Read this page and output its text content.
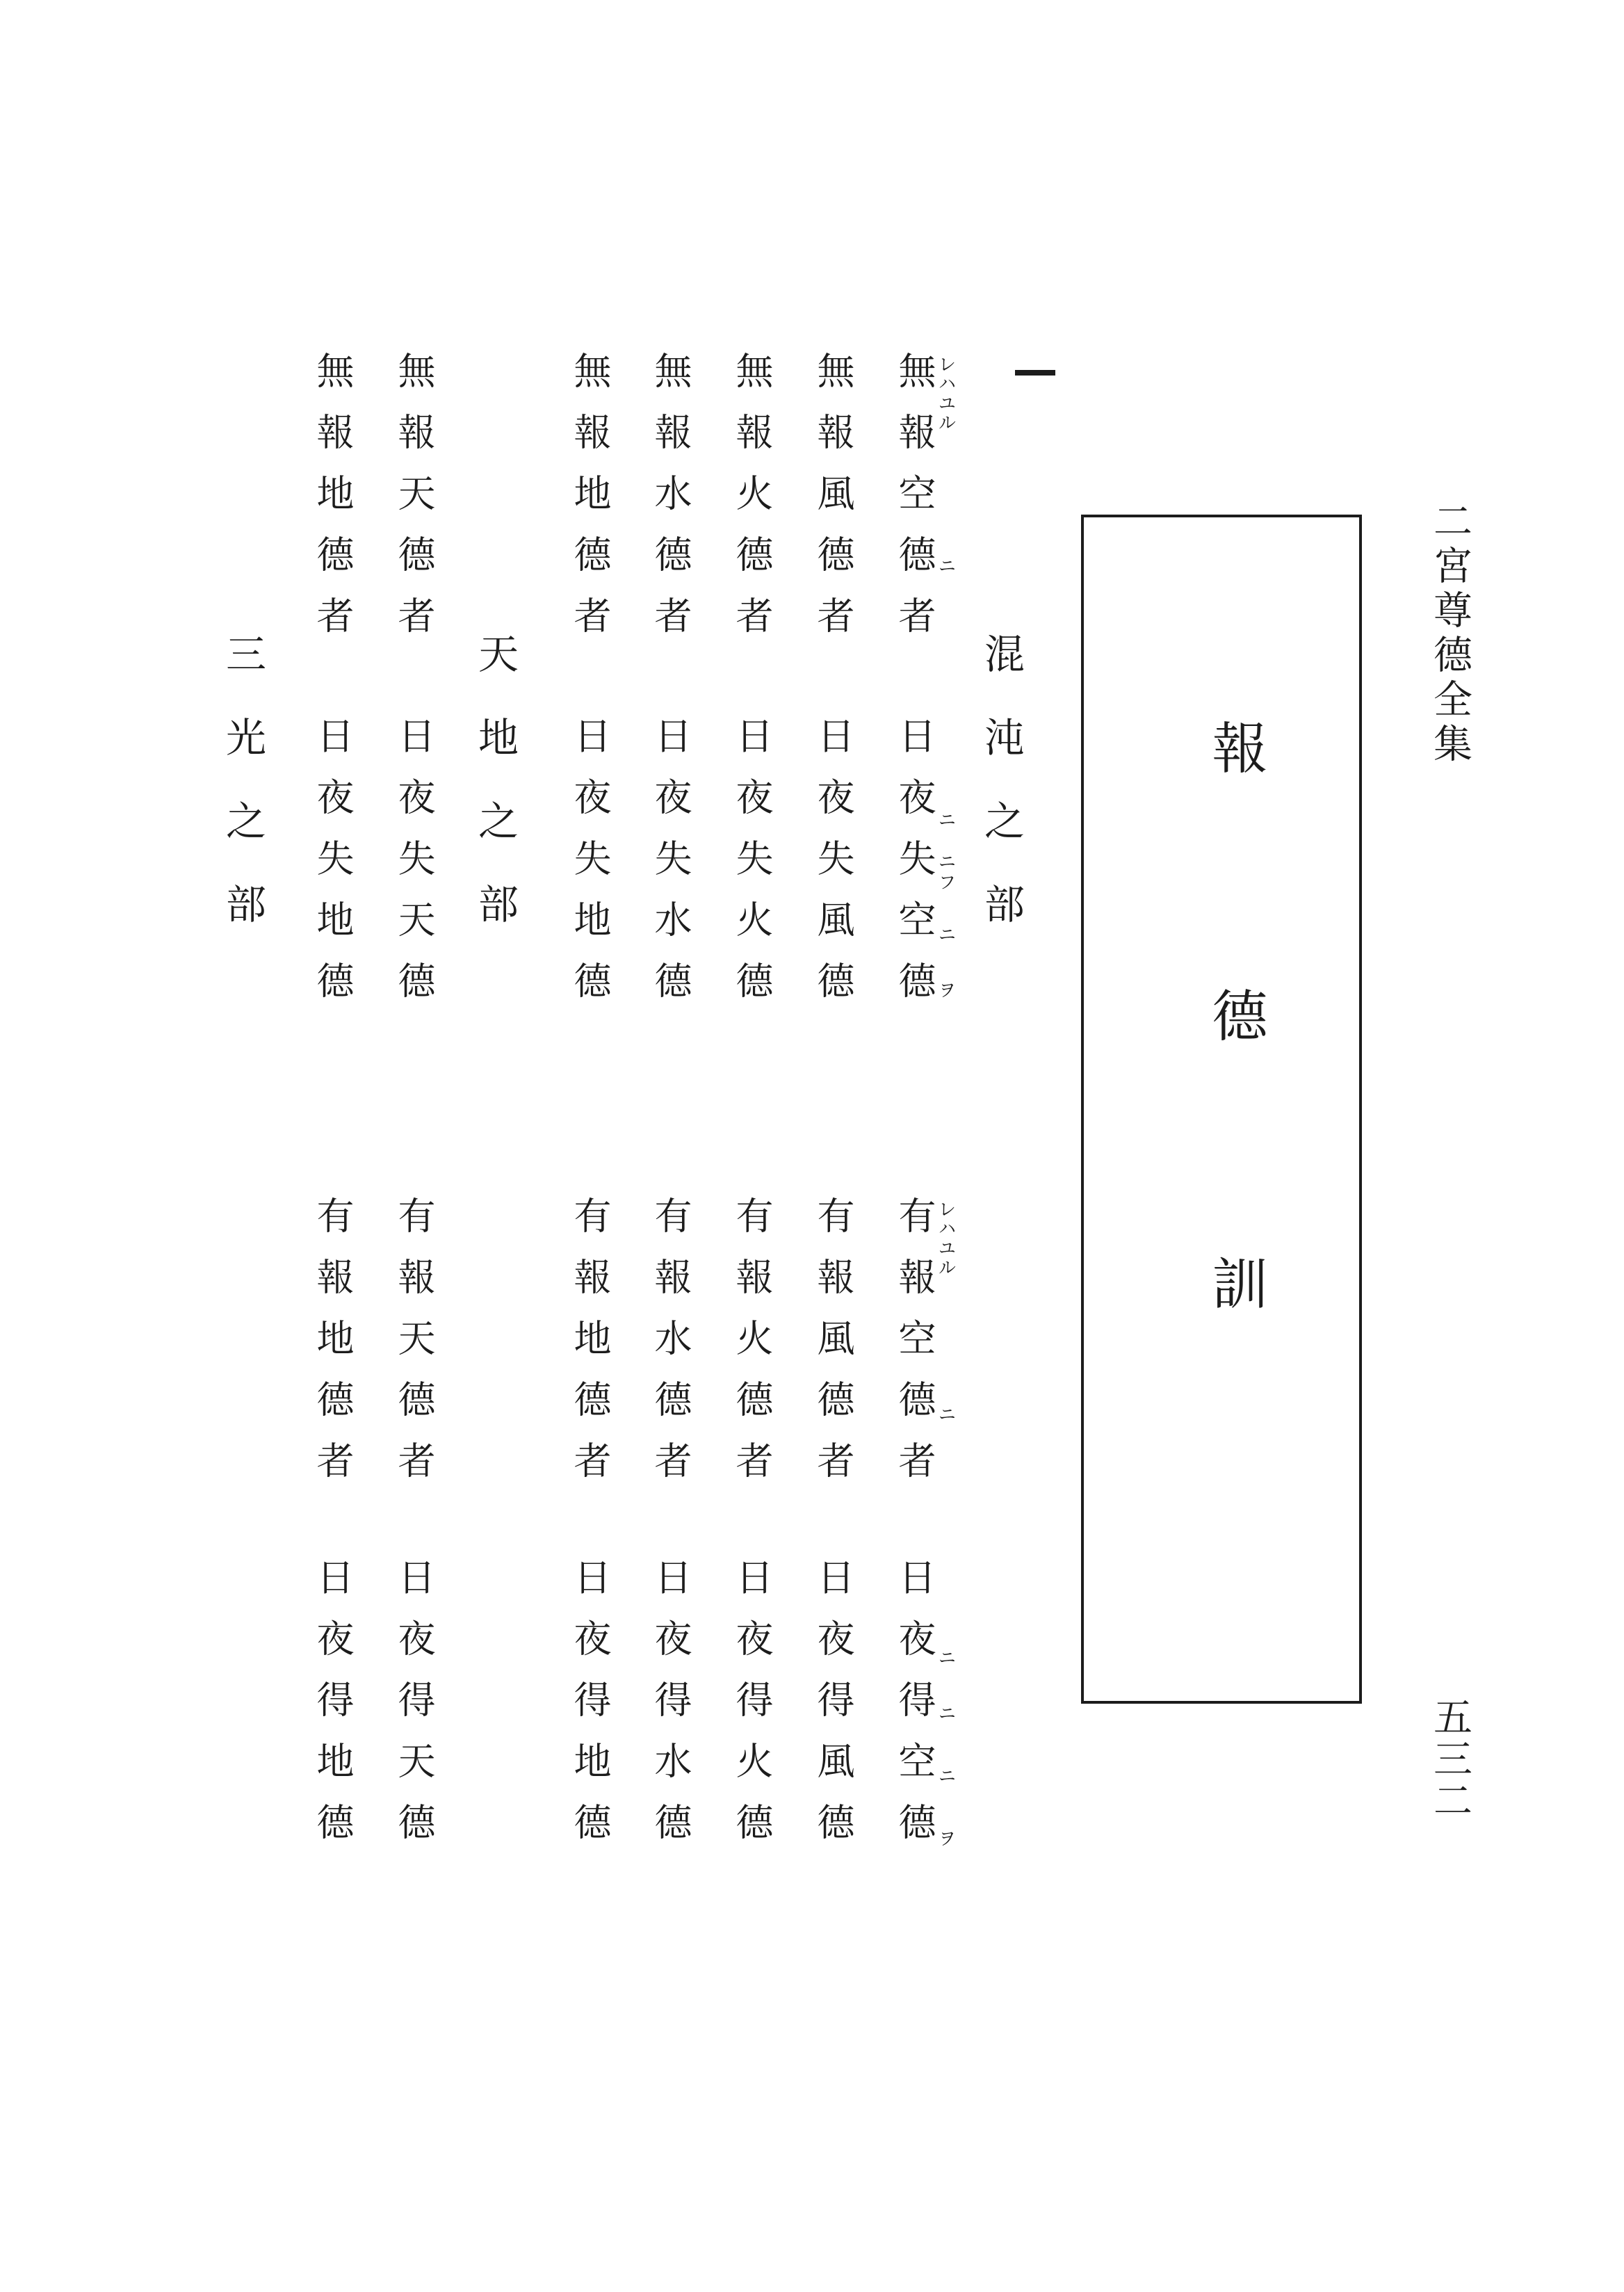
二宮尊德全集
五三二
報德訓
混沌之部
天地之部
三光之部
無報空德者
無報風德者
無報火德者
無報水德者
無報地德者
無報天德者
無報地德者
日夜失空德
日夜失風德
日夜失火德
日夜失水德
日夜失地德
日夜失天德
日夜失地德
有報空德者
有報風德者
有報火德者
有報水德者
有報地德者
有報天德者
有報地德者
日夜得空德
日夜得風德
日夜得火德
日夜得水德
日夜得地德
日夜得天德
日夜得地德
レハユル
ニ
ニ
ニフ
ニ
ヲ
レハユル
ニ
ニ
ニ
ニ
ヲ
